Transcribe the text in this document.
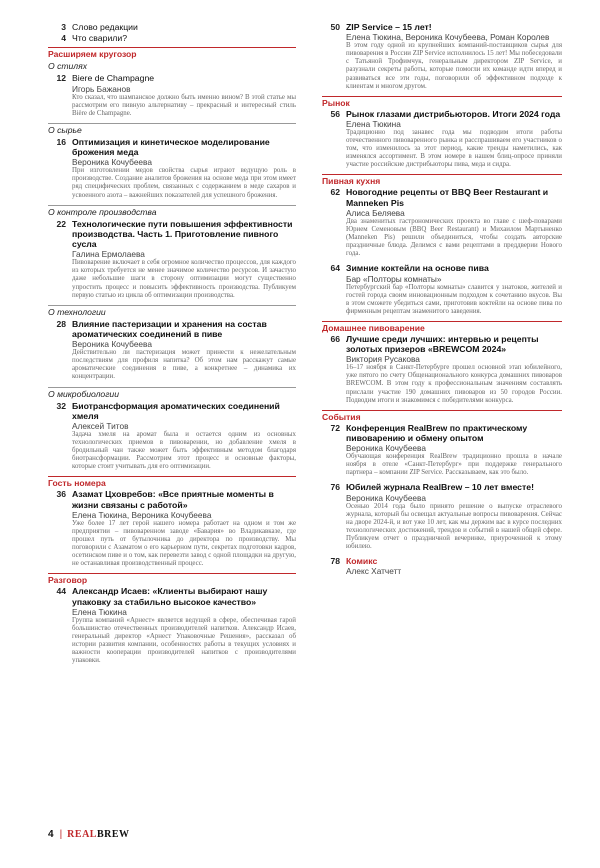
3 Слово редакции
4 Что сварили?
Расширяем кругозор
О стилях
12 Biere de Champagne
Игорь Бажанов
Кто сказал, что шампанское должно быть именно вином? В этой статье мы рассмотрим его пивную альтернативу – прекрасный и интересный стиль Bière de Champagne.
О сырье
16 Оптимизация и кинетическое моделирование брожения меда
Вероника Кочубеева
При изготовлении медов свойства сырья играют ведущую роль в производстве. Создание аналитов брожения на основе меда при этом имеет ряд специфических проблем, связанных с содержанием в меде сахаров и усвоенного азота – важнейших показателей для успешного брожения.
О контроле производства
22 Технологические пути повышения эффективности производства. Часть 1. Приготовление пивного сусла
Галина Ермолаева
Пивоварение включает в себя огромное количество процессов, для каждого из которых требуется не менее значимое количество ресурсов. И зачастую даже небольшие шаги в сторону оптимизации могут существенно упростить процесс и повысить эффективность производства. Публикуем первую статью из цикла об оптимизации производства.
О технологии
28 Влияние пастеризации и хранения на состав ароматических соединений в пиве
Вероника Кочубеева
Действительно ли пастеризация может принести к нежелательным последствиям для профиля напитка? Об этом нам расскажут самые ароматические соединения в пиве, а конкретнее – динамика их концентрации.
О микробиологии
32 Биотрансформация ароматических соединений хмеля
Алексей Титов
Задача хмеля на аромат была и остается одним из основных технологических приемов в пивоварении, но добавление хмеля в бродильный чан также может быть эффективным методом благодаря биотрансформации. Рассмотрим этот процесс и основные факторы, которые стоит учитывать для его оптимизации.
Гость номера
36 Азамат Цховребов: «Все приятные моменты в жизни связаны с работой»
Елена Тюкина, Вероника Кочубеева
Уже более 17 лет герой нашего номера работает на одном и том же предприятии – пивоваренном заводе «Бавария» во Владикавказе, где прошел путь от бутылочника до директора по производству. Мы поговорили с Азаматом о его карьерном пути, секретах подготовки кадров, осетинском пиве и о том, как перевезти завод с одной площадки на другую, не останавливая производственный процесс.
Разговор
44 Александр Исаев: «Клиенты выбирают нашу упаковку за стабильно высокое качество»
Елена Тюкина
Группа компаний «Арнест» является ведущей в сфере, обеспечивая гарой большинство отечественных производителей напитков. Александр Исаев, генеральный директор «Арнест Упаковочные Решения», рассказал об истории развития компании, особенностях работы в текущих условиях и важности кооперации производителей напитков с производителями упаковки.
50 ZIP Service – 15 лет!
Елена Тюкина, Вероника Кочубеева, Роман Королев
В этом году одной из крупнейших компаний-поставщиков сырья для пивоварения в России ZIP Service исполнилось 15 лет! Мы побеседовали с Татьяной Трофимчук, генеральным директором ZIP Service, и разузнали секреты работы, которые помогли их команде идти вперед и развиваться все эти годы, поговорили об эффективном подходе к клиентам и многом другом.
Рынок
56 Рынок глазами дистрибьюторов. Итоги 2024 года
Елена Тюкина
Традиционно под занавес года мы подводим итоги работы отечественного пивоваренного рынка и расспрашиваем его участников о том, что изменилось за этот период, какие тренды наметились, как изменялся ассортимент. В этом номере в нашем блиц-опросе приняли участие российские дистрибьюторы пива, меда и сидра.
Пивная кухня
62 Новогодние рецепты от BBQ Beer Restaurant и Manneken Pis
Алиса Беляева
Два знаменитых гастрономических проекта во главе с шеф-поварами Юрием Семеновым (BBQ Beer Restaurant) и Михаилом Мартыненко (Manneken Pis) решили объединиться, чтобы создать авторские праздничные блюда. Делимся с вами рецептами в преддверии Нового года.
64 Зимние коктейли на основе пива
Бар «Полторы комнаты»
Петербургский бар «Полторы комнаты» славится у знатоков, жителей и гостей города своим инновационным подходом к сочетанию вкусов. Вы в этом сможете убедиться сами, приготовив коктейли на основе пива по фирменным рецептам знаменитого заведения.
Домашнее пивоварение
66 Лучшие среди лучших: интервью и рецепты золотых призеров «BREWCOM 2024»
Виктория Русакова
16–17 ноября в Санкт-Петербурге прошел основной этап юбилейного, уже пятого по счету Общенационального конкурса домашних пивоваров BREWCOM. В этом году к профессиональным значениям составлять прислали участие 190 домашних пивоваров из 50 городов России. Подводим итоги и знакомимся с победителями конкурса.
События
72 Конференция RealBrew по практическому пивоварению и обмену опытом
Вероника Кочубеева
Обучающая конференция RealBrew традиционно прошла в начале ноября в отеле «Санкт-Петербург» при поддержке генерального партнера – компании ZIP Service. Рассказываем, как это было.
76 Юбилей журнала RealBrew – 10 лет вместе!
Вероника Кочубеева
Осенью 2014 года было принято решение о выпуске отраслевого журнала, который бы освещал актуальные вопросы пивоварения. Сейчас на дворе 2024-й, и вот уже 10 лет, как мы держим вас в курсе последних технологических достижений, трендов и событий в нашей общей сфере. Публикуем отчет о праздничной вечеринке, приуроченной к этому юбилею.
78 Комикс
Алекс Хатчетт
4 | REALBREW
